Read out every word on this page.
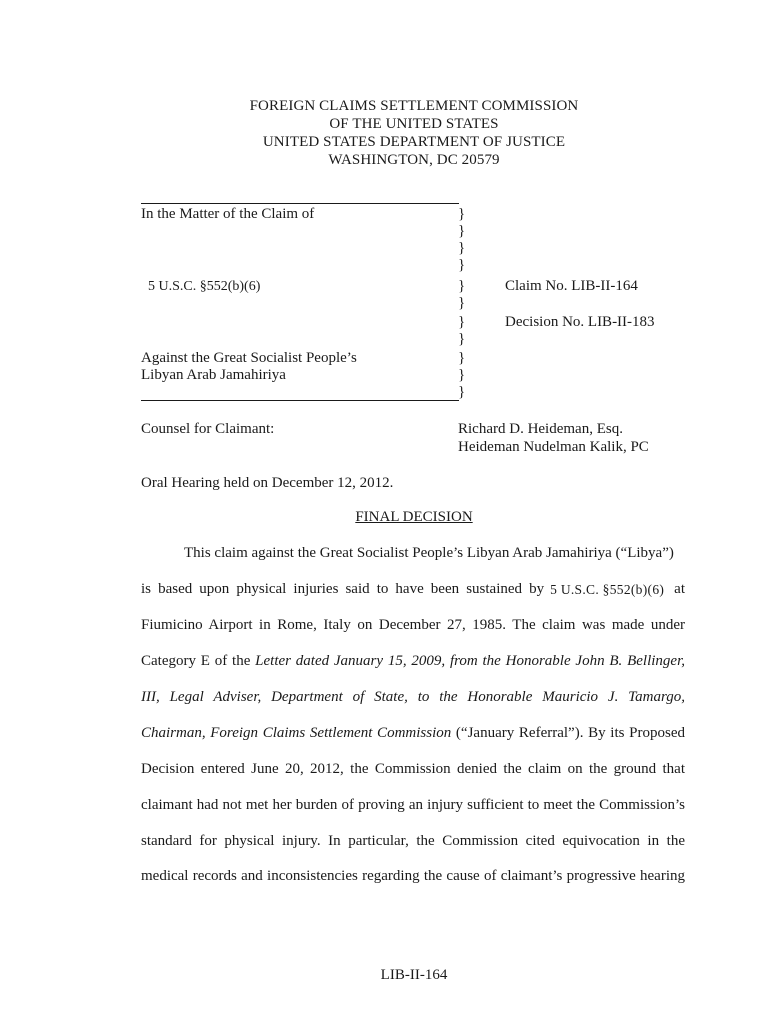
FOREIGN CLAIMS SETTLEMENT COMMISSION
OF THE UNITED STATES
UNITED STATES DEPARTMENT OF JUSTICE
WASHINGTON, DC 20579
In the Matter of the Claim of
5 U.S.C. §552(b)(6)
Against the Great Socialist People’s
Libyan Arab Jamahiriya
}
}
}
}
}
}
}
}
}
}
}
Claim No. LIB-II-164
Decision No. LIB-II-183
Counsel for Claimant:	Richard D. Heideman, Esq.
Heideman Nudelman Kalik, PC
Oral Hearing held on December 12, 2012.
FINAL DECISION
This claim against the Great Socialist People’s Libyan Arab Jamahiriya (“Libya”)
is based upon physical injuries said to have been sustained by 5 U.S.C. §552(b)(6) at
Fiumicino Airport in Rome, Italy on December 27, 1985. The claim was made under
Category E of the Letter dated January 15, 2009, from the Honorable John B. Bellinger,
III, Legal Adviser, Department of State, to the Honorable Mauricio J. Tamargo,
Chairman, Foreign Claims Settlement Commission (“January Referral”). By its Proposed
Decision entered June 20, 2012, the Commission denied the claim on the ground that
claimant had not met her burden of proving an injury sufficient to meet the Commission’s
standard for physical injury. In particular, the Commission cited equivocation in the
medical records and inconsistencies regarding the cause of claimant’s progressive hearing
LIB-II-164
